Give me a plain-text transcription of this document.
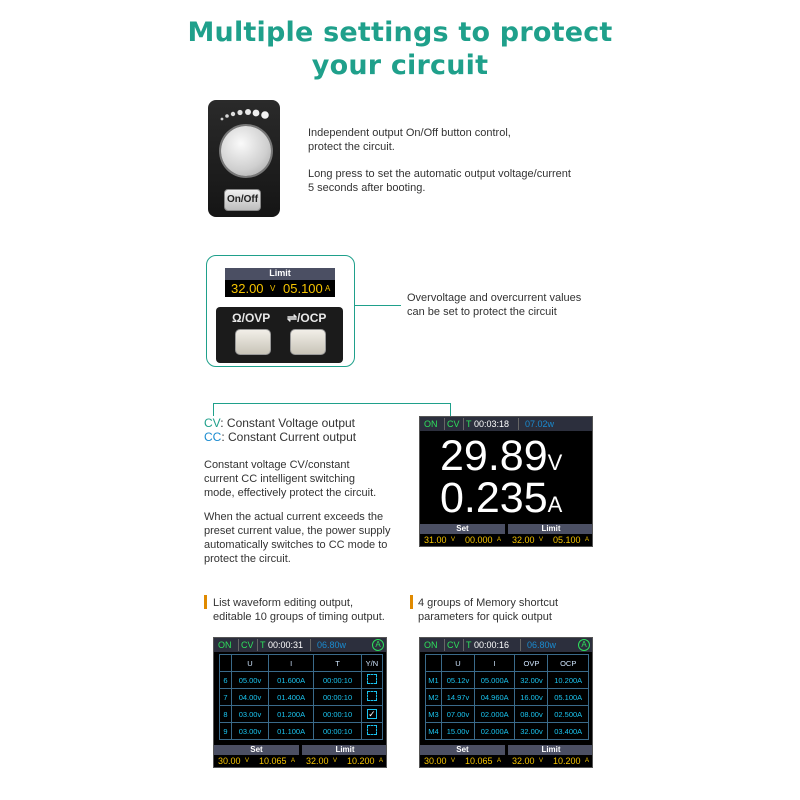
Multiple settings to protect
your circuit
On/Off
Independent output On/Off button control,
protect the circuit.
Long press to set the automatic output voltage/current
5 seconds after booting.
Limit
32.00 V 05.100 A
Ω/OVP ⇌/OCP
Overvoltage and overcurrent values
can be set to protect the circuit
CV: Constant Voltage output
CC: Constant Current output
Constant voltage CV/constant
current CC intelligent switching
mode, effectively protect the circuit.
When the actual current exceeds the
preset current value, the power supply
automatically switches to CC mode to
protect the circuit.
ON	CV T 00:03:18	07.02w
29.89V
0.235A
Set	Limit
31.00 V 00.000 A 32.00 V 05.100 A
List waveform editing output,
editable 10 groups of timing output.
4 groups of Memory shortcut
parameters for quick output
ON	CV T 00:00:31	06.80w	A
	U	I	T	Y/N
6	05.00v	01.600A	00:00:10	
7	04.00v	01.400A	00:00:10	
8	03.00v	01.200A	00:00:10	✓
9	03.00v	01.100A	00:00:10	
Set	Limit
30.00 V 10.065 A 32.00 V 10.200 A
ON	CV T 00:00:16	06.80w	A
	U	I	OVP	OCP
M1	05.12v	05.000A	32.00v	10.200A
M2	14.97v	04.960A	16.00v	05.100A
M3	07.00v	02.000A	08.00v	02.500A
M4	15.00v	02.000A	32.00v	03.400A
Set	Limit
30.00 V 10.065 A 32.00 V 10.200 A
